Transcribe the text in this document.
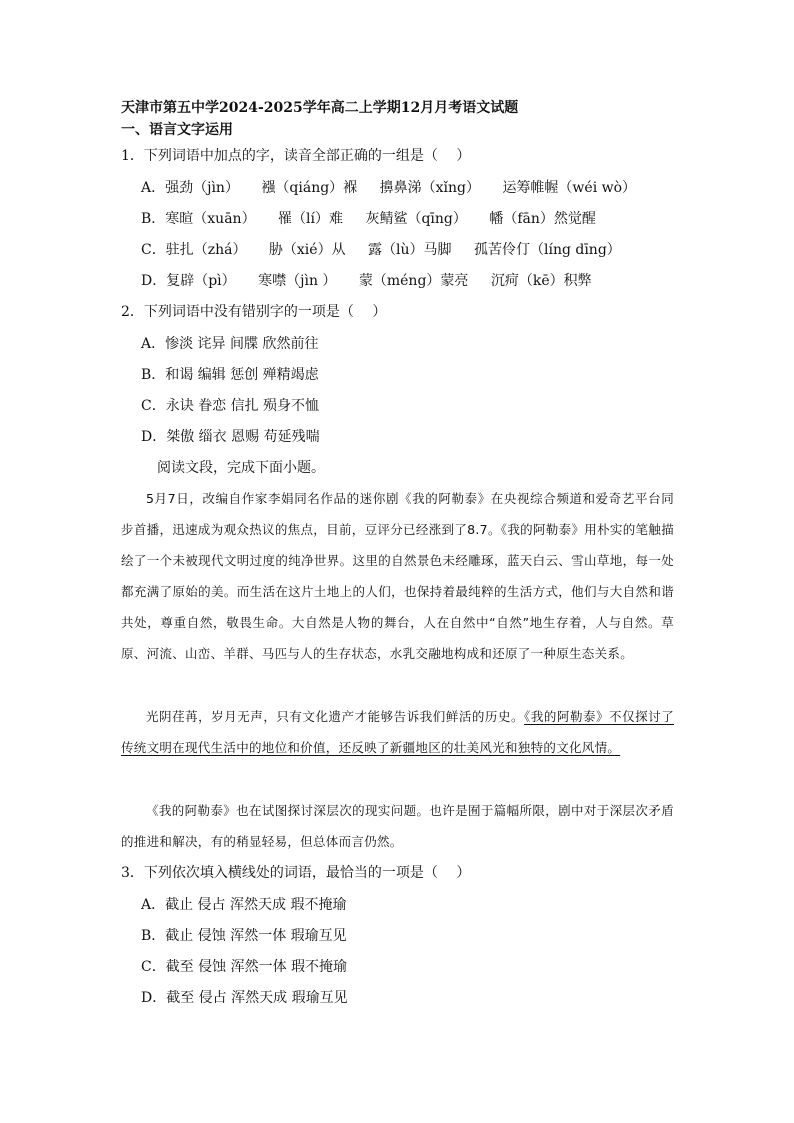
天津市第五中学2024-2025学年高二上学期12月月考语文试题
一、语言文字运用
1．下列词语中加点的字，读音全部正确的一组是（　 ）
A．强劲（jìn） 襁（qiáng）褓 擤鼻涕（xǐng） 运筹帷幄（wéi wò）
B．寒暄（xuān） 罹（lí）难 灰鲭鲨（qīng） 幡（fān）然觉醒
C．驻扎（zhá） 胁（xié）从 露（lù）马脚 孤苦伶仃（líng dīng）
D．复辟（pì） 寒噤（jìn ） 蒙（méng）蒙亮 沉疴（kē）积弊
2．下列词语中没有错别字的一项是（　 ）
A．惨淡 诧异 间牒 欣然前往
B．和谒 编辑 惩创 殚精竭虑
C．永诀 眷恋 信扎 殒身不恤
D．桀傲 缁衣 恩赐 苟延残喘
阅读文段，完成下面小题。
5月7日，改编自作家李娟同名作品的迷你剧《我的阿勒泰》在央视综合频道和爱奇艺平台同步首播，迅速成为观众热议的焦点，目前，豆评分已经涨到了8.7。《我的阿勒泰》用朴实的笔触描绘了一个未被现代文明过度的纯净世界。这里的自然景色未经雕琢，蓝天白云、雪山草地，每一处都充满了原始的美。而生活在这片土地上的人们，也保持着最纯粹的生活方式，他们与大自然和谐共处，尊重自然，敬畏生命。大自然是人物的舞台，人在自然中“自然”地生存着，人与自然。草原、河流、山峦、羊群、马匹与人的生存状态，水乳交融地构成和还原了一种原生态关系。
光阴荏苒，岁月无声，只有文化遗产才能够告诉我们鲜活的历史。《我的阿勒泰》不仅探讨了传统文明在现代生活中的地位和价值，还反映了新疆地区的壮美风光和独特的文化风情。
《我的阿勒泰》也在试图探讨深层次的现实问题。也许是囿于篇幅所限，剧中对于深层次矛盾的推进和解决，有的稍显轻易，但总体而言仍然。
3．下列依次填入横线处的词语，最恰当的一项是（　 ）
A．截止 侵占 浑然天成 瑕不掩瑜
B．截止 侵蚀 浑然一体 瑕瑜互见
C．截至 侵蚀 浑然一体 瑕不掩瑜
D．截至 侵占 浑然天成 瑕瑜互见
